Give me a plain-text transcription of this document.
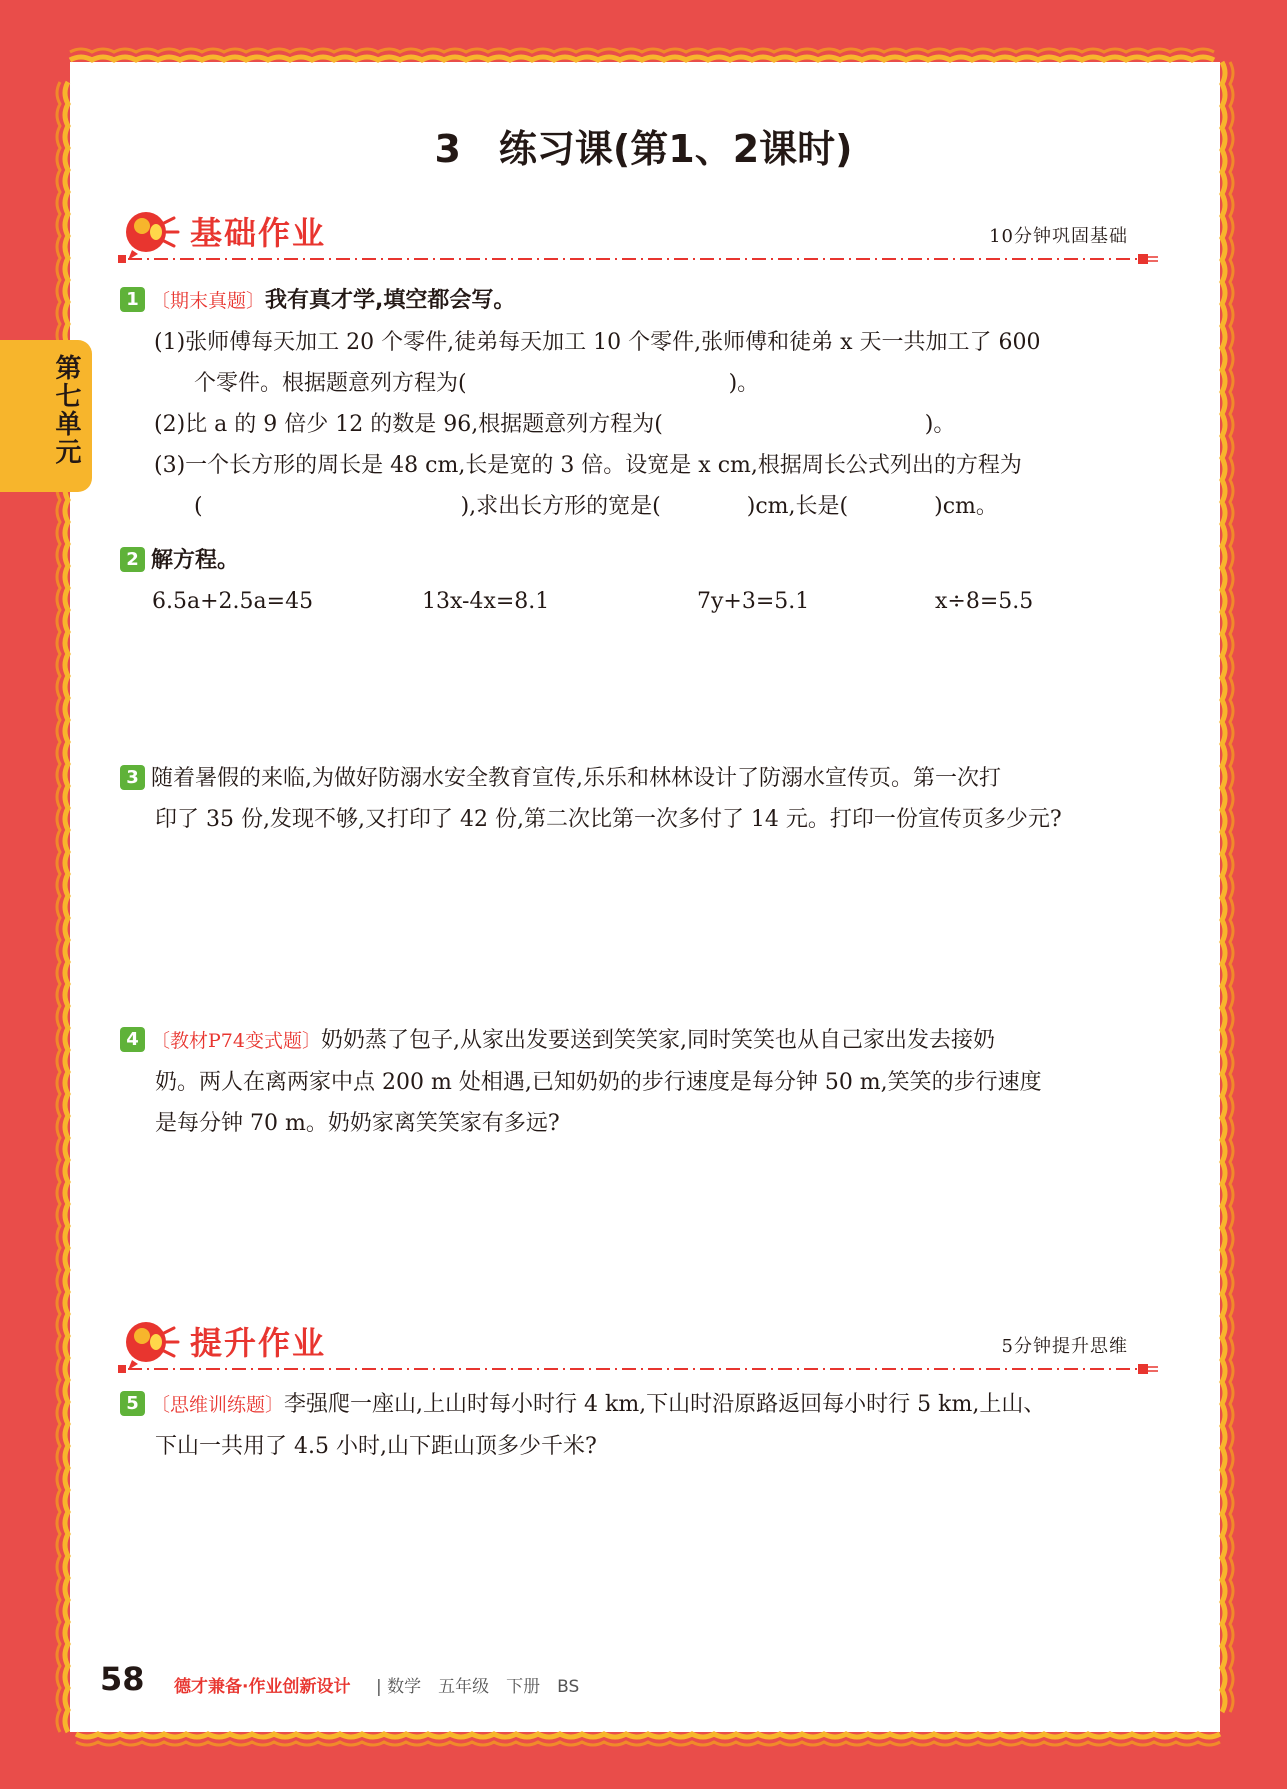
第七单元
3　练习课(第1、2课时)
基础作业	10分钟巩固基础
1 〔期末真题〕我有真才学,填空都会写。
(1)张师傅每天加工 20 个零件,徒弟每天加工 10 个零件,张师傅和徒弟 x 天一共加工了 600
个零件。根据题意列方程为(	)。
(2)比 a 的 9 倍少 12 的数是 96,根据题意列方程为(	)。
(3)一个长方形的周长是 48 cm,长是宽的 3 倍。设宽是 x cm,根据周长公式列出的方程为
(	),求出长方形的宽是(	)cm,长是(	)cm。
2 解方程。
6.5a+2.5a=45	13x-4x=8.1	7y+3=5.1	x÷8=5.5
3 随着暑假的来临,为做好防溺水安全教育宣传,乐乐和林林设计了防溺水宣传页。第一次打
印了 35 份,发现不够,又打印了 42 份,第二次比第一次多付了 14 元。打印一份宣传页多少元?
4 〔教材P74变式题〕奶奶蒸了包子,从家出发要送到笑笑家,同时笑笑也从自己家出发去接奶
奶。两人在离两家中点 200 m 处相遇,已知奶奶的步行速度是每分钟 50 m,笑笑的步行速度
是每分钟 70 m。奶奶家离笑笑家有多远?
提升作业	5分钟提升思维
5 〔思维训练题〕李强爬一座山,上山时每小时行 4 km,下山时沿原路返回每小时行 5 km,上山、
下山一共用了 4.5 小时,山下距山顶多少千米?
58 德才兼备·作业创新设计 | 数学　五年级　下册　BS
